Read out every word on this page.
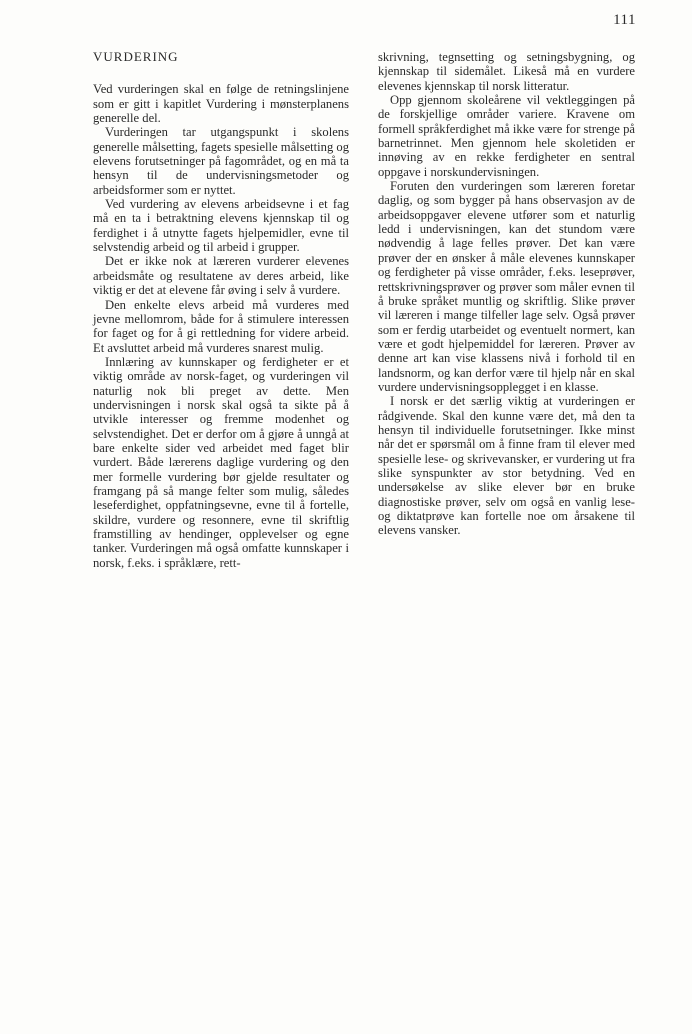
111
VURDERING

Ved vurderingen skal en følge de retningslinjene som er gitt i kapitlet Vurdering i mønsterplanens generelle del.

Vurderingen tar utgangspunkt i skolens generelle målsetting, fagets spesielle målsetting og elevens forutsetninger på fagområdet, og en må ta hensyn til de undervisningsmetoder og arbeidsformer som er nyttet.

Ved vurdering av elevens arbeidsevne i et fag må en ta i betraktning elevens kjennskap til og ferdighet i å utnytte fagets hjelpemidler, evne til selvstendig arbeid og til arbeid i grupper.

Det er ikke nok at læreren vurderer elevenes arbeidsmåte og resultatene av deres arbeid, like viktig er det at elevene får øving i selv å vurdere.

Den enkelte elevs arbeid må vurderes med jevne mellomrom, både for å stimulere interessen for faget og for å gi rettledning for videre arbeid. Et avsluttet arbeid må vurderes snarest mulig.

Innlæring av kunnskaper og ferdigheter er et viktig område av norsk-faget, og vurderingen vil naturlig nok bli preget av dette. Men undervisningen i norsk skal også ta sikte på å utvikle interesser og fremme modenhet og selvstendighet. Det er derfor om å gjøre å unngå at bare enkelte sider ved arbeidet med faget blir vurdert. Både lærerens daglige vurdering og den mer formelle vurdering bør gjelde resultater og framgang på så mange felter som mulig, således leseferdighet, oppfatningsevne, evne til å fortelle, skildre, vurdere og resonnere, evne til skriftlig framstilling av hendinger, opplevelser og egne tanker. Vurderingen må også omfatte kunnskaper i norsk, f.eks. i språklære, rett-

skrivning, tegnsetting og setningsbygning, og kjennskap til sidemålet. Likeså må en vurdere elevenes kjennskap til norsk litteratur.

Opp gjennom skoleårene vil vektleggingen på de forskjellige områder variere. Kravene om formell språkferdighet må ikke være for strenge på barnetrinnet. Men gjennom hele skoletiden er innøving av en rekke ferdigheter en sentral oppgave i norskundervisningen.

Foruten den vurderingen som læreren foretar daglig, og som bygger på hans observasjon av de arbeidsoppgaver elevene utfører som et naturlig ledd i undervisningen, kan det stundom være nødvendig å lage felles prøver. Det kan være prøver der en ønsker å måle elevenes kunnskaper og ferdigheter på visse områder, f.eks. leseprøver, rettskrivningsprøver og prøver som måler evnen til å bruke språket muntlig og skriftlig. Slike prøver vil læreren i mange tilfeller lage selv. Også prøver som er ferdig utarbeidet og eventuelt normert, kan være et godt hjelpemiddel for læreren. Prøver av denne art kan vise klassens nivå i forhold til en landsnorm, og kan derfor være til hjelp når en skal vurdere undervisningsopplegget i en klasse.

I norsk er det særlig viktig at vurderingen er rådgivende. Skal den kunne være det, må den ta hensyn til individuelle forutsetninger. Ikke minst når det er spørsmål om å finne fram til elever med spesielle lese- og skrivevansker, er vurdering ut fra slike synspunkter av stor betydning. Ved en undersøkelse av slike elever bør en bruke diagnostiske prøver, selv om også en vanlig lese- og diktatprøve kan fortelle noe om årsakene til elevens vansker.
